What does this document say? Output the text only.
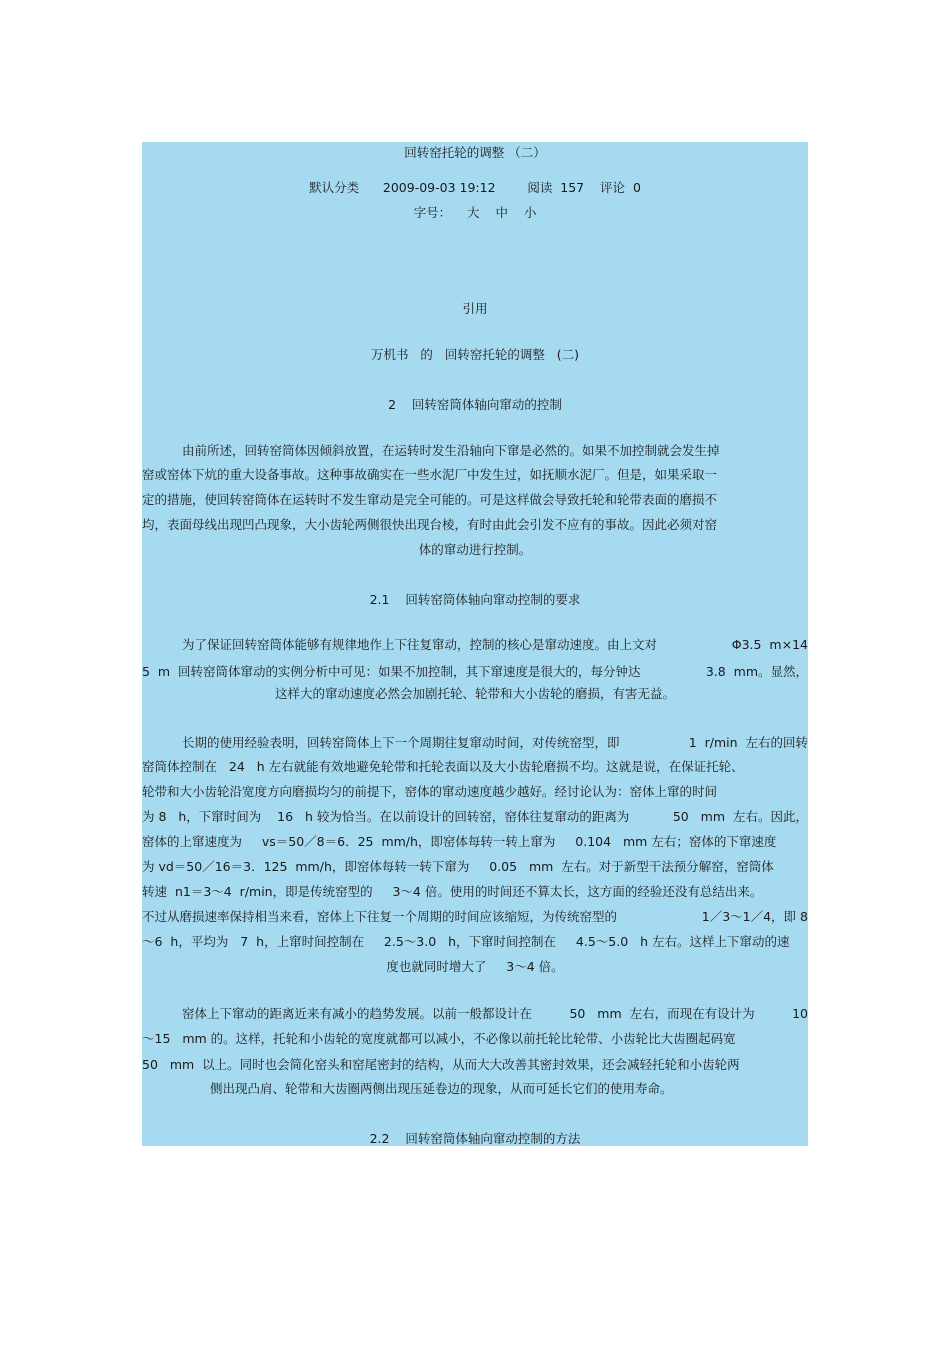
回转窑托轮的调整 （二）
默认分类      2009-09-03 19:12        阅读  157    评论  0
字号：    大    中    小
引用
万机书   的   回转窑托轮的调整   (二)
2    回转窑筒体轴向窜动的控制
由前所述，回转窑筒体因倾斜放置，在运转时发生沿轴向下窜是必然的。如果不加控制就会发生掉
窑或窑体下炕的重大设备事故。这种事故确实在一些水泥厂中发生过，如抚顺水泥厂。但是，如果采取一
定的措施，使回转窑筒体在运转时不发生窜动是完全可能的。可是这样做会导致托轮和轮带表面的磨损不
均，表面母线出现凹凸现象，大小齿轮两侧很快出现台棱，有时由此会引发不应有的事故。因此必须对窑
体的窜动进行控制。
2.1    回转窑筒体轴向窜动控制的要求
为了保证回转窑筒体能够有规律地作上下往复窜动，控制的核心是窜动速度。由上文对	Φ3.5  m×14
5  m  回转窑筒体窜动的实例分析中可见：如果不加控制，其下窜速度是很大的，每分钟达	3.8  mm。显然，
这样大的窜动速度必然会加剧托轮、轮带和大小齿轮的磨损，有害无益。
长期的使用经验表明，回转窑筒体上下一个周期往复窜动时间，对传统窑型，即	1  r/min  左右的回转
窑筒体控制在   24   h 左右就能有效地避免轮带和托轮表面以及大小齿轮磨损不均。这就是说，在保证托轮、
轮带和大小齿轮沿宽度方向磨损均匀的前提下，窑体的窜动速度越少越好。经讨论认为：窑体上窜的时间
为 8   h，下窜时间为    16   h 较为恰当。在以前设计的回转窑，窑体往复窜动的距离为	50   mm  左右。因此，
窑体的上窜速度为     vs＝50／8＝6．25  mm/h，即窑体每转一转上窜为     0.104   mm 左右；窑体的下窜速度
为 vd＝50／16＝3．125  mm/h，即窑体每转一转下窜为     0.05   mm  左右。对于新型干法预分解窑，窑筒体
转速  n1＝3～4  r/min，即是传统窑型的     3～4 倍。使用的时间还不算太长，这方面的经验还没有总结出来。
不过从磨损速率保持相当来看，窑体上下往复一个周期的时间应该缩短，为传统窑型的	1／3～1／4，即 8
～6  h，平均为   7  h，上窜时间控制在     2.5～3.0   h，下窜时间控制在     4.5～5.0   h 左右。这样上下窜动的速
度也就同时增大了     3～4 倍。
窑体上下窜动的距离近来有减小的趋势发展。以前一般都设计在	50   mm  左右，而现在有设计为	10
～15   mm 的。这样，托轮和小齿轮的宽度就都可以减小，不必像以前托轮比轮带、小齿轮比大齿圈起码宽
50   mm  以上。同时也会简化窑头和窑尾密封的结构，从而大大改善其密封效果，还会减轻托轮和小齿轮两
侧出现凸肩、轮带和大齿圈两侧出现压延卷边的现象，从而可延长它们的使用寿命。
2.2    回转窑筒体轴向窜动控制的方法
